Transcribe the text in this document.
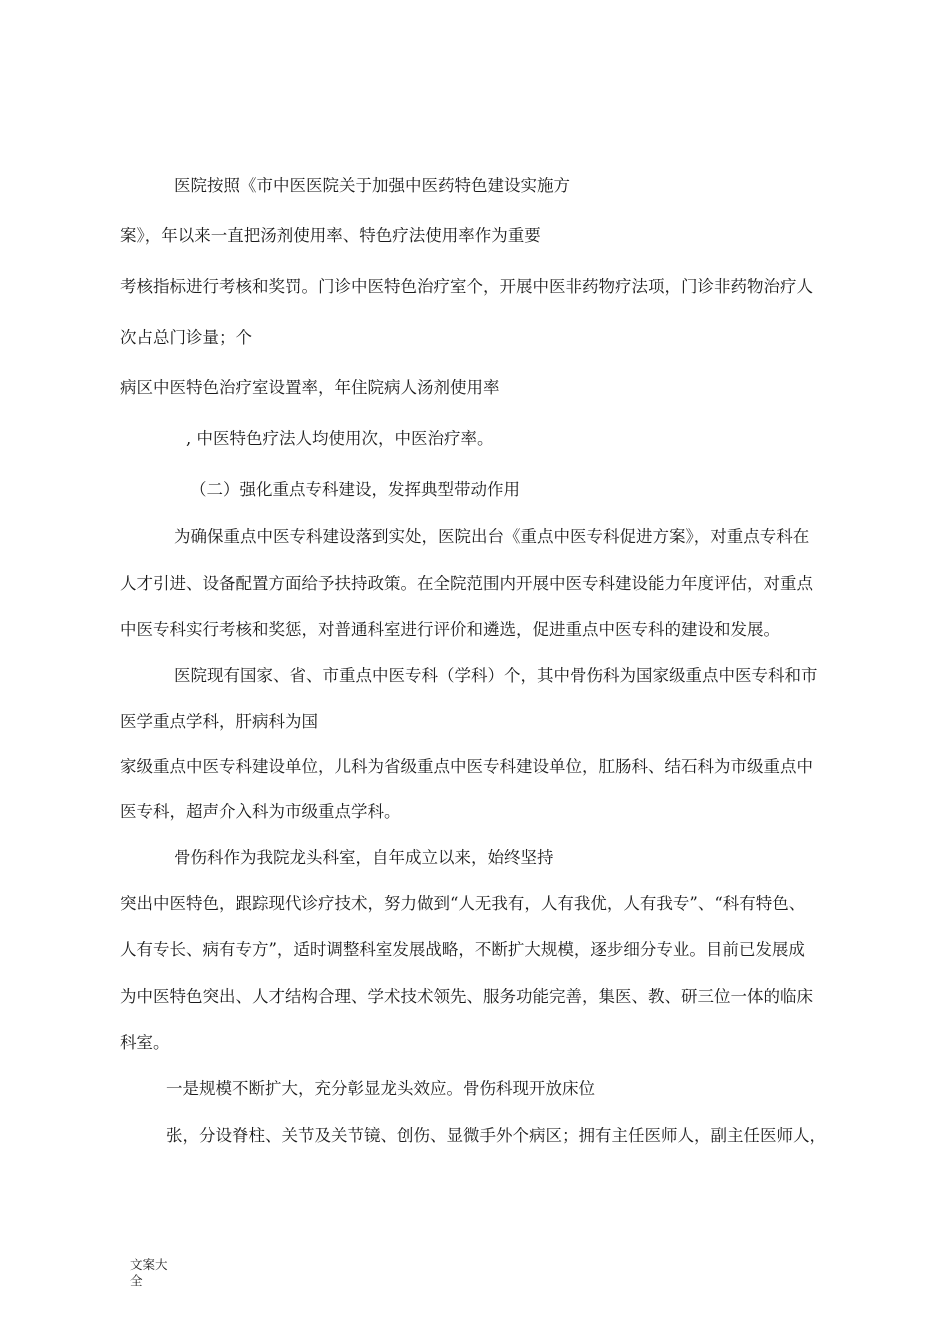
医院按照《市中医医院关于加强中医药特色建设实施方
案》，年以来一直把汤剂使用率、特色疗法使用率作为重要
考核指标进行考核和奖罚。门诊中医特色治疗室个，开展中医非药物疗法项，门诊非药物治疗人
次占总门诊量；个
病区中医特色治疗室设置率，年住院病人汤剂使用率
, 中医特色疗法人均使用次，中医治疗率。
（二）强化重点专科建设，发挥典型带动作用
为确保重点中医专科建设落到实处，医院出台《重点中医专科促进方案》，对重点专科在
人才引进、设备配置方面给予扶持政策。在全院范围内开展中医专科建设能力年度评估，对重点
中医专科实行考核和奖惩，对普通科室进行评价和遴选，促进重点中医专科的建设和发展。
医院现有国家、省、市重点中医专科（学科）个，其中骨伤科为国家级重点中医专科和市
医学重点学科，肝病科为国
家级重点中医专科建设单位，儿科为省级重点中医专科建设单位，肛肠科、结石科为市级重点中
医专科，超声介入科为市级重点学科。
骨伤科作为我院龙头科室，自年成立以来，始终坚持
突出中医特色，跟踪现代诊疗技术，努力做到“人无我有，人有我优，人有我专”、“科有特色、
人有专长、病有专方”，适时调整科室发展战略，不断扩大规模，逐步细分专业。目前已发展成
为中医特色突出、人才结构合理、学术技术领先、服务功能完善，集医、教、研三位一体的临床
科室。
一是规模不断扩大，充分彰显龙头效应。骨伤科现开放床位
张，分设脊柱、关节及关节镜、创伤、显微手外个病区；拥有主任医师人，副主任医师人，
文案大全
